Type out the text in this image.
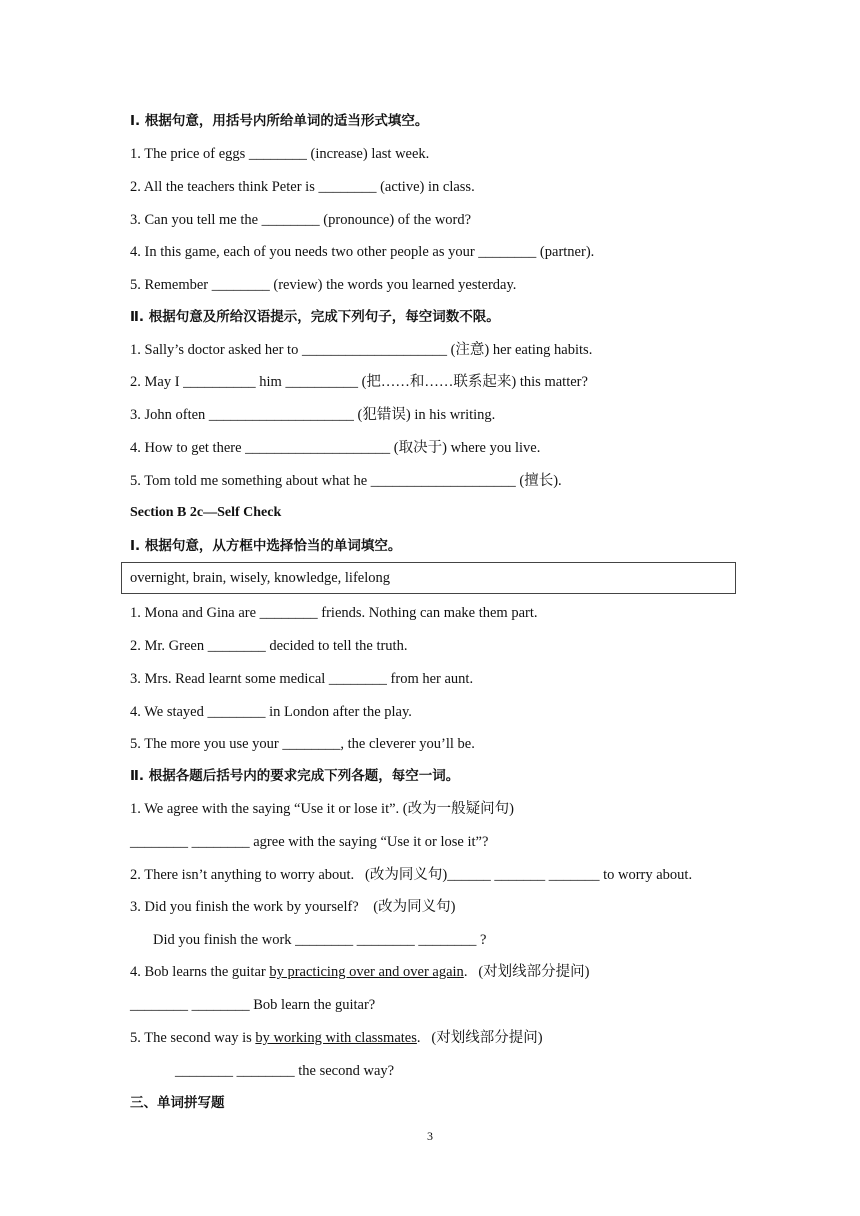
Ⅰ. 根据句意，用括号内所给单词的适当形式填空。
1. The price of eggs ________ (increase) last week.
2. All the teachers think Peter is ________ (active) in class.
3. Can you tell me the ________ (pronounce) of the word?
4. In this game, each of you needs two other people as your ________ (partner).
5. Remember ________ (review) the words you learned yesterday.
Ⅱ. 根据句意及所给汉语提示，完成下列句子，每空词数不限。
1. Sally’s doctor asked her to ____________________ (注意) her eating habits.
2. May I __________ him __________ (把……和……联系起来) this matter?
3. John often ____________________ (犯错误) in his writing.
4. How to get there ____________________ (取决于) where you live.
5. Tom told me something about what he ____________________ (擅长).
Section B 2c—Self Check
Ⅰ. 根据句意，从方框中选择恰当的单词填空。
overnight, brain, wisely, knowledge, lifelong
1. Mona and Gina are ________ friends. Nothing can make them part.
2. Mr. Green ________ decided to tell the truth.
3. Mrs. Read learnt some medical ________ from her aunt.
4. We stayed ________ in London after the play.
5. The more you use your ________, the cleverer you’ll be.
Ⅱ. 根据各题后括号内的要求完成下列各题，每空一词。
1. We agree with the saying “Use it or lose it”. (改为一般疑问句)
________ ________ agree with the saying “Use it or lose it”?
2. There isn’t anything to worry about.   (改为同义句)______ _______ _______ to worry about.
3. Did you finish the work by yourself?    (改为同义句)
Did you finish the work ________ ________ ________ ?
4. Bob learns the guitar by practicing over and over again.   (对划线部分提问)
________ ________ Bob learn the guitar?
5. The second way is by working with classmates.   (对划线部分提问)
________ ________ the second way?
三、单词拼写题
3
